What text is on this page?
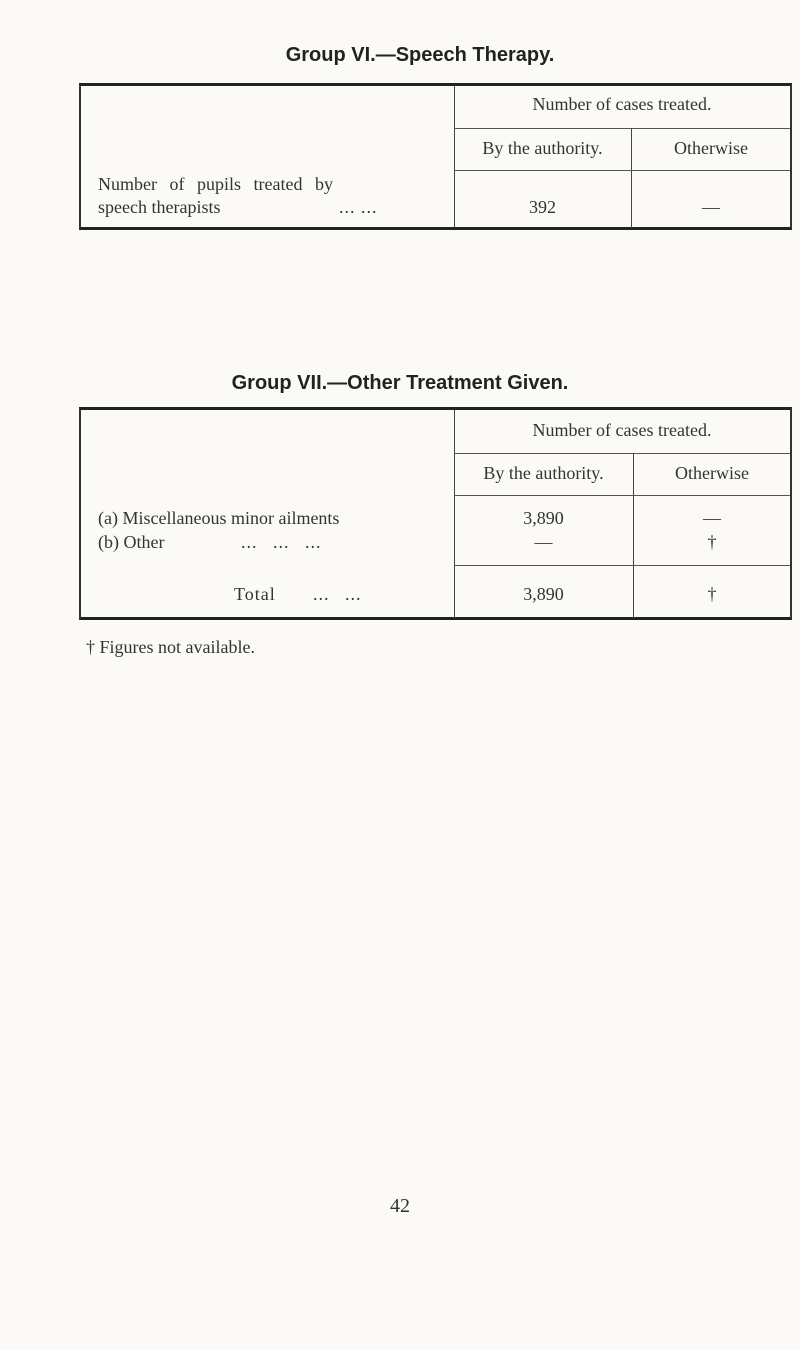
Group VI.—Speech Therapy.
Number of cases treated.
By the authority.	Otherwise
Number of pupils treated by
speech therapists	... ...	392	—
Group VII.—Other Treatment Given.
Number of cases treated.
By the authority.	Otherwise
(a) Miscellaneous minor ailments	3,890	—
(b) Other	... ... ...	—	†
Total ... ...	3,890	†
† Figures not available.
42
